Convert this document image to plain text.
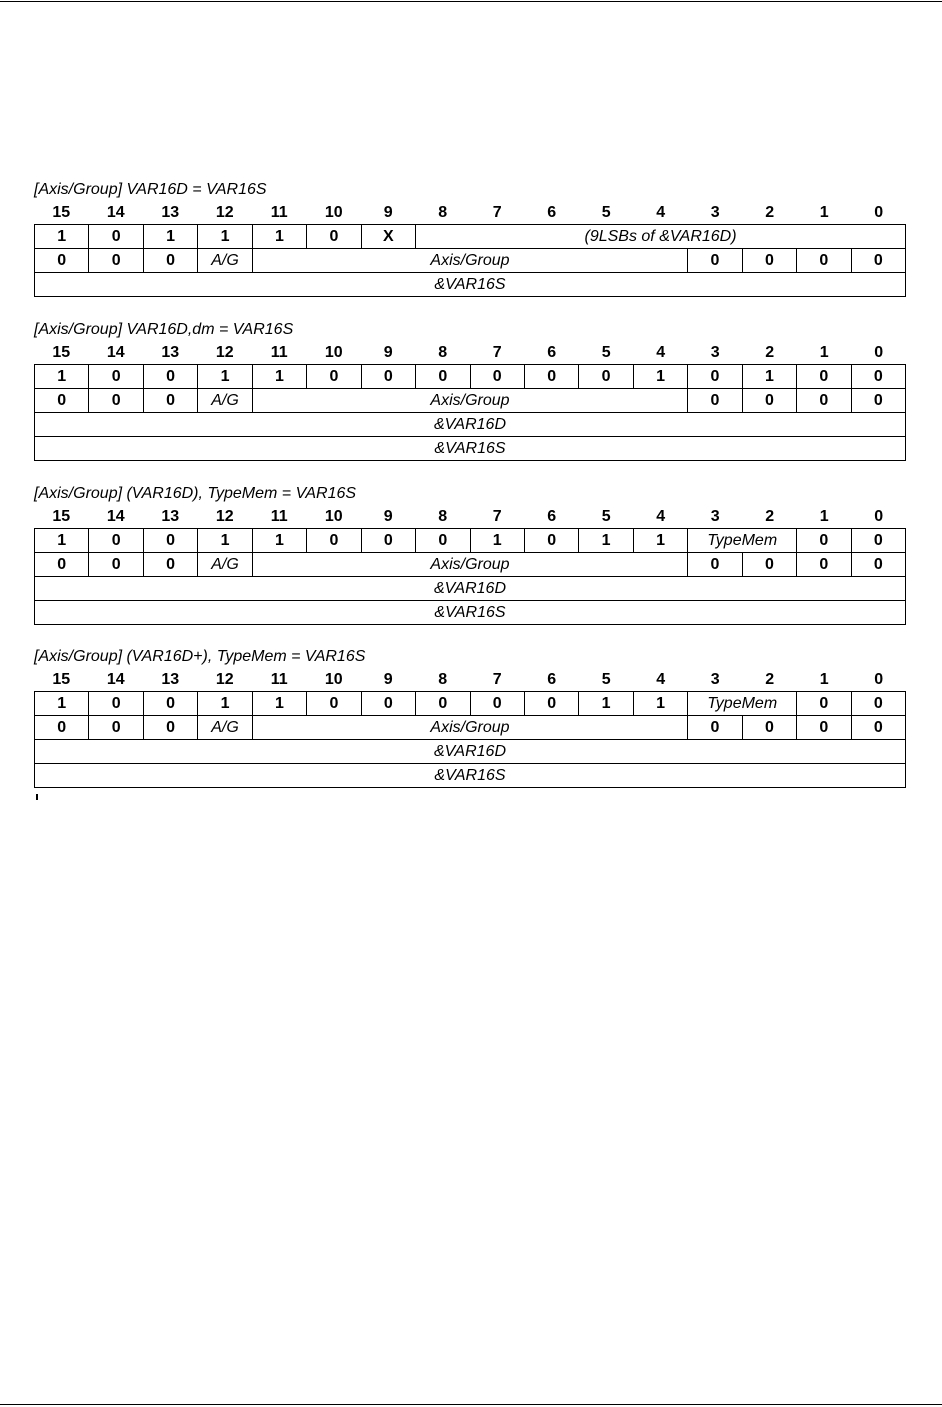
[Axis/Group] VAR16D = VAR16S
15	14	13	12	11	10	9	8	7	6	5	4	3	2	1	0
1	0	1	1	1	0	X	(9LSBs of &VAR16D)				
0	0	0	A/G	Axis/Group				0	0	0	0
&VAR16S											
[Axis/Group] VAR16D,dm = VAR16S
15	14	13	12	11	10	9	8	7	6	5	4	3	2	1	0
1	0	0	1	1	0	0	0	0	0	0	1	0	1	0	0
0	0	0	A/G	Axis/Group								0	0	0	0
&VAR16D															
&VAR16S															
[Axis/Group] (VAR16D), TypeMem = VAR16S
15	14	13	12	11	10	9	8	7	6	5	4	3	2	1	0
1	0	0	1	1	0	0	0	1	0	1	1	TypeMem		0	0
0	0	0	A/G	Axis/Group								0	0	0	0
&VAR16D															
&VAR16S															
[Axis/Group] (VAR16D+), TypeMem = VAR16S
15	14	13	12	11	10	9	8	7	6	5	4	3	2	1	0
1	0	0	1	1	0	0	0	0	0	1	1	TypeMem		0	0
0	0	0	A/G	Axis/Group								0	0	0	0
&VAR16D															
&VAR16S															
